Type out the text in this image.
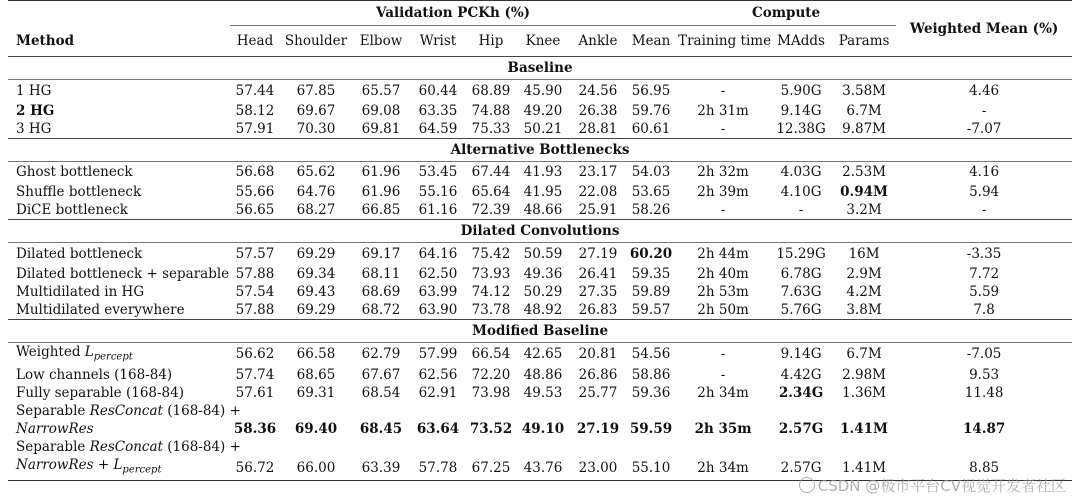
	Validation PCKh (%)								Compute			Weighted Mean (%)
Method	Head	Shoulder	Elbow	Wrist	Hip	Knee	Ankle	Mean	Training time	MAdds	Params	
Baseline												
1 HG	57.44	67.85	65.57	60.44	68.89	45.90	24.56	56.95	-	5.90G	3.58M	4.46
2 HG	58.12	69.67	69.08	63.35	74.88	49.20	26.38	59.76	2h 31m	9.14G	6.7M	-
3 HG	57.91	70.30	69.81	64.59	75.33	50.21	28.81	60.61	-	12.38G	9.87M	-7.07
Alternative Bottlenecks												
Ghost bottleneck	56.68	65.62	61.96	53.45	67.44	41.93	23.17	54.03	2h 32m	4.03G	2.53M	4.16
Shuffle bottleneck	55.66	64.76	61.96	55.16	65.64	41.95	22.08	53.65	2h 39m	4.10G	0.94M	5.94
DiCE bottleneck	56.65	68.27	66.85	61.16	72.39	48.66	25.91	58.26	-	-	3.2M	-
Dilated Convolutions												
Dilated bottleneck	57.57	69.29	69.17	64.16	75.42	50.59	27.19	60.20	2h 44m	15.29G	16M	-3.35
Dilated bottleneck + separable	57.88	69.34	68.11	62.50	73.93	49.36	26.41	59.35	2h 40m	6.78G	2.9M	7.72
Multidilated in HG	57.54	69.43	68.69	63.99	74.12	50.29	27.35	59.89	2h 53m	7.63G	4.2M	5.59
Multidilated everywhere	57.88	69.29	68.72	63.90	73.78	48.92	26.83	59.57	2h 50m	5.76G	3.8M	7.8
Modified Baseline												
Weighted $L_{percept}$	56.62	66.58	62.79	57.99	66.54	42.65	20.81	54.56	-	9.14G	6.7M	-7.05
Low channels (168-84)	57.74	68.65	67.67	62.56	72.20	48.86	26.86	58.86	-	4.42G	2.98M	9.53
Fully separable (168-84)	57.61	69.31	68.54	62.91	73.98	49.53	25.77	59.36	2h 34m	2.34G	1.36M	11.48
Separable ResConcat (168-84) +												
NarrowRes	58.36	69.40	68.45	63.64	73.52	49.10	27.19	59.59	2h 35m	2.57G	1.41M	14.87
Separable ResConcat (168-84) +												
NarrowRes + $L_{percept}$	56.72	66.00	63.39	57.78	67.25	43.76	23.00	55.10	2h 34m	2.57G	1.41M	8.85
CSDN @极市平台CV视觉开发者社区
